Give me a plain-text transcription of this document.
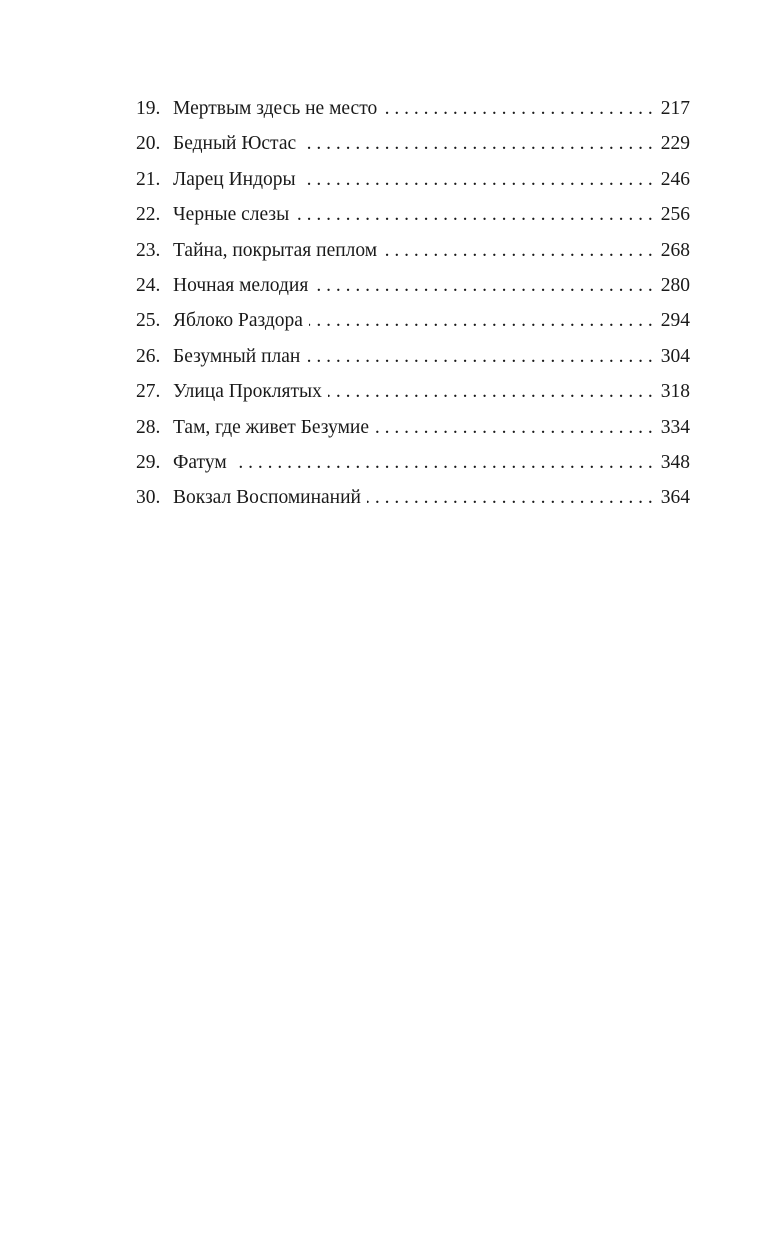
19. Мертвым здесь не место . . .	217
20. Бедный Юстас . . .	229
21. Ларец Индоры . . .	246
22. Черные слезы . . .	256
23. Тайна, покрытая пеплом . . .	268
24. Ночная мелодия . . .	280
25. Яблоко Раздора . . .	294
26. Безумный план . . .	304
27. Улица Проклятых . . .	318
28. Там, где живет Безумие . . .	334
29. Фатум . . .	348
30. Вокзал Воспоминаний . . .	364
